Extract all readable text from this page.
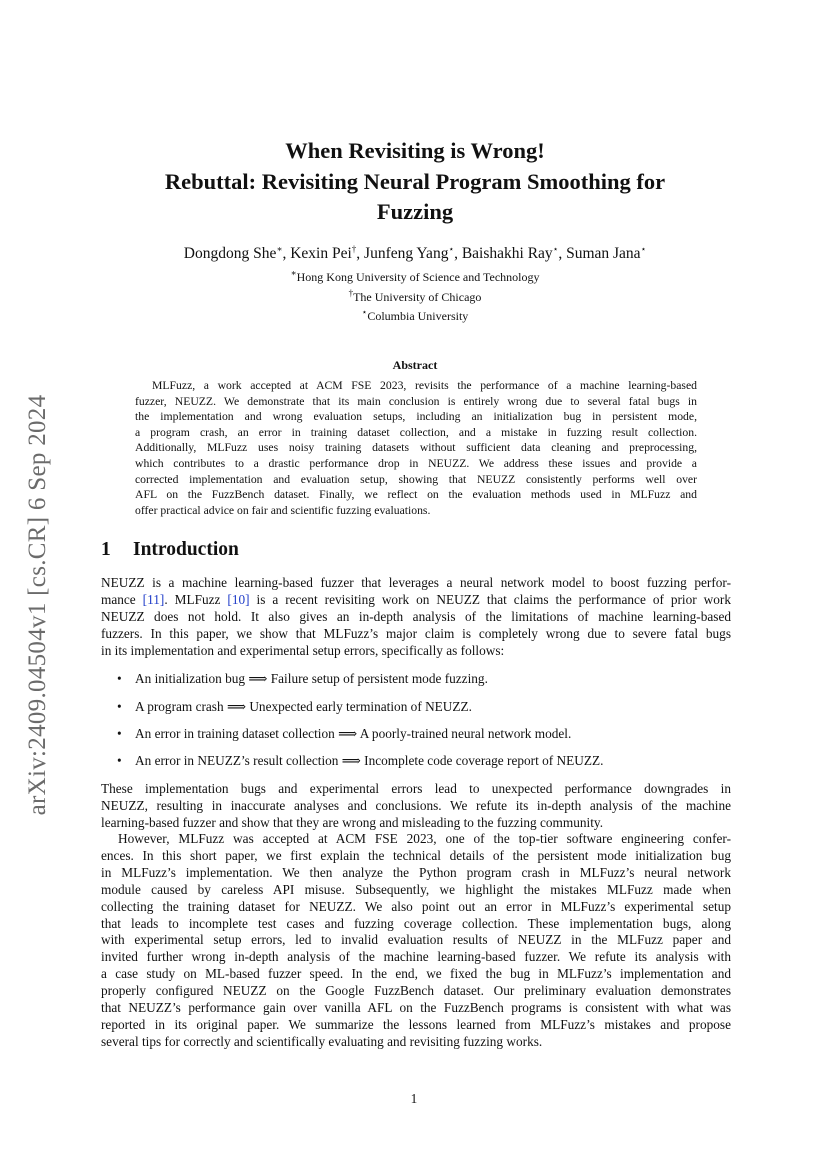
arXiv:2409.04504v1 [cs.CR] 6 Sep 2024
When Revisiting is Wrong!
Rebuttal: Revisiting Neural Program Smoothing for
Fuzzing
Dongdong She∗, Kexin Pei†, Junfeng Yang⋆, Baishakhi Ray⋆, Suman Jana⋆
∗Hong Kong University of Science and Technology
†The University of Chicago
⋆Columbia University
Abstract
MLFuzz, a work accepted at ACM FSE 2023, revisits the performance of a machine learning-based
fuzzer, NEUZZ. We demonstrate that its main conclusion is entirely wrong due to several fatal bugs in
the implementation and wrong evaluation setups, including an initialization bug in persistent mode,
a program crash, an error in training dataset collection, and a mistake in fuzzing result collection.
Additionally, MLFuzz uses noisy training datasets without sufficient data cleaning and preprocessing,
which contributes to a drastic performance drop in NEUZZ. We address these issues and provide a
corrected implementation and evaluation setup, showing that NEUZZ consistently performs well over
AFL on the FuzzBench dataset. Finally, we reflect on the evaluation methods used in MLFuzz and
offer practical advice on fair and scientific fuzzing evaluations.
1 Introduction
NEUZZ is a machine learning-based fuzzer that leverages a neural network model to boost fuzzing perfor-
mance [11]. MLFuzz [10] is a recent revisiting work on NEUZZ that claims the performance of prior work
NEUZZ does not hold. It also gives an in-depth analysis of the limitations of machine learning-based
fuzzers. In this paper, we show that MLFuzz’s major claim is completely wrong due to severe fatal bugs
in its implementation and experimental setup errors, specifically as follows:
• An initialization bug ⟹ Failure setup of persistent mode fuzzing.
• A program crash ⟹ Unexpected early termination of NEUZZ.
• An error in training dataset collection ⟹ A poorly-trained neural network model.
• An error in NEUZZ’s result collection ⟹ Incomplete code coverage report of NEUZZ.
These implementation bugs and experimental errors lead to unexpected performance downgrades in
NEUZZ, resulting in inaccurate analyses and conclusions. We refute its in-depth analysis of the machine
learning-based fuzzer and show that they are wrong and misleading to the fuzzing community.
However, MLFuzz was accepted at ACM FSE 2023, one of the top-tier software engineering confer-
ences. In this short paper, we first explain the technical details of the persistent mode initialization bug
in MLFuzz’s implementation. We then analyze the Python program crash in MLFuzz’s neural network
module caused by careless API misuse. Subsequently, we highlight the mistakes MLFuzz made when
collecting the training dataset for NEUZZ. We also point out an error in MLFuzz’s experimental setup
that leads to incomplete test cases and fuzzing coverage collection. These implementation bugs, along
with experimental setup errors, led to invalid evaluation results of NEUZZ in the MLFuzz paper and
invited further wrong in-depth analysis of the machine learning-based fuzzer. We refute its analysis with
a case study on ML-based fuzzer speed. In the end, we fixed the bug in MLFuzz’s implementation and
properly configured NEUZZ on the Google FuzzBench dataset. Our preliminary evaluation demonstrates
that NEUZZ’s performance gain over vanilla AFL on the FuzzBench programs is consistent with what was
reported in its original paper. We summarize the lessons learned from MLFuzz’s mistakes and propose
several tips for correctly and scientifically evaluating and revisiting fuzzing works.
1
